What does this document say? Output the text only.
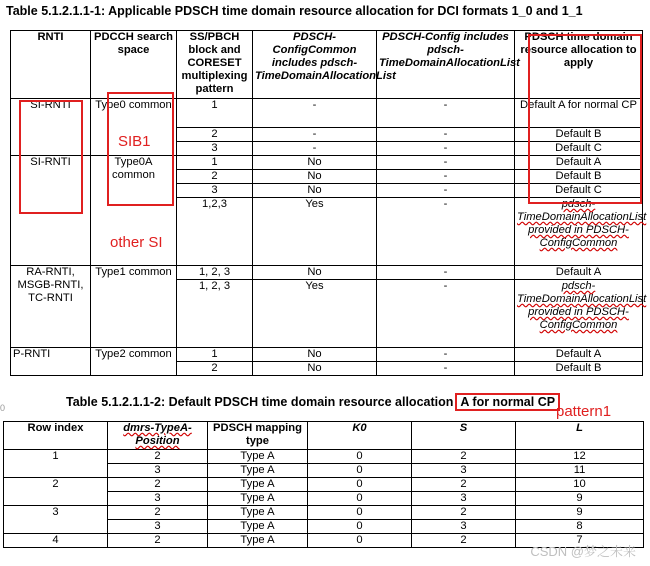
Table 5.1.2.1.1-1: Applicable PDSCH time domain resource allocation for DCI formats 1_0 and 1_1
RNTI	PDCCH search space	SS/PBCH block and CORESET multiplexing pattern	PDSCH-ConfigCommon includes pdsch-TimeDomainAllocationList	PDSCH-Config includes pdsch-TimeDomainAllocationList	PDSCH time domain resource allocation to apply
SI-RNTI	Type0 common	1	-	-	Default A for normal CP
		2	-	-	Default B
		3	-	-	Default C
SI-RNTI	Type0A common	1	No	-	Default A
		2	No	-	Default B
		3	No	-	Default C
		1,2,3	Yes	-	pdsch-TimeDomainAllocationList provided in PDSCH-ConfigCommon
RA-RNTI, MSGB-RNTI, TC-RNTI	Type1 common	1, 2, 3	No	-	Default A
		1, 2, 3	Yes	-	pdsch-TimeDomainAllocationList provided in PDSCH-ConfigCommon
P-RNTI	Type2 common	1	No	-	Default A
		2	No	-	Default B
SIB1
other SI
0	Table 5.1.2.1.1-2: Default PDSCH time domain resource allocation A for normal CP
pattern1
Row index	dmrs-TypeA-Position	PDSCH mapping type	K0	S	L
1	2	Type A	0	2	12
	3	Type A	0	3	11
2	2	Type A	0	2	10
	3	Type A	0	3	9
3	2	Type A	0	2	9
	3	Type A	0	3	8
4	2	Type A	0	2	7
CSDN @梦之未来
